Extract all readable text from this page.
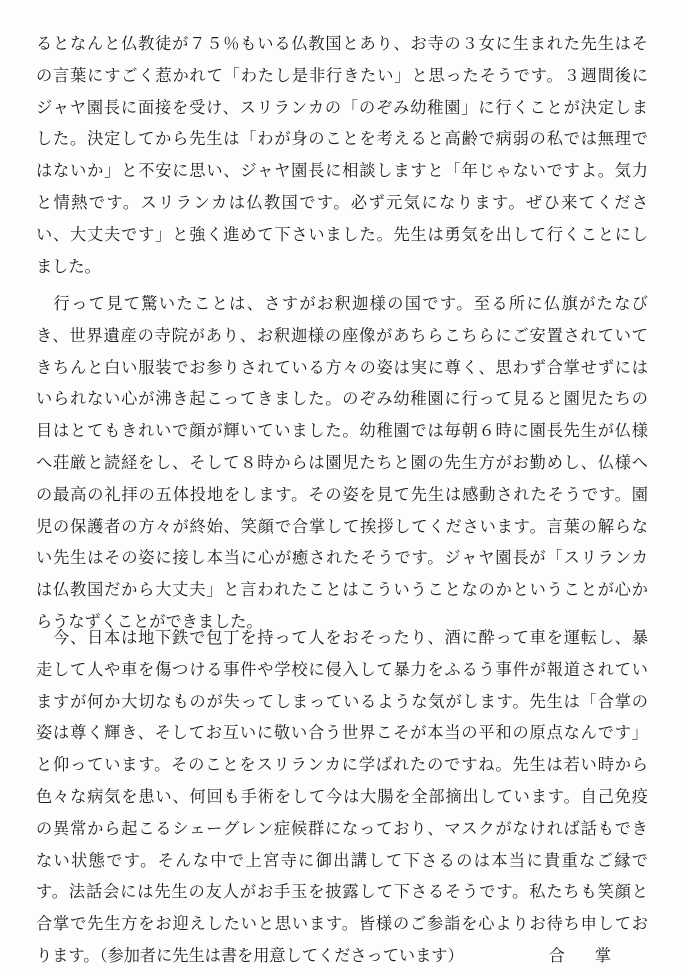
るとなんと仏教徒が７５％もいる仏教国とあり、お寺の３女に生まれた先生はそ
の言葉にすごく惹かれて「わたし是非行きたい」と思ったそうです。３週間後に
ジャヤ園長に面接を受け、スリランカの「のぞみ幼稚園」に行くことが決定しま
した。決定してから先生は「わが身のことを考えると高齢で病弱の私では無理で
はないか」と不安に思い、ジャヤ園長に相談しますと「年じゃないですよ。気力
と情熱です。スリランカは仏教国です。必ず元気になります。ぜひ来てくださ
い、大丈夫です」と強く進めて下さいました。先生は勇気を出して行くことにし
ました。
　行って見て驚いたことは、さすがお釈迦様の国です。至る所に仏旗がたなび
き、世界遺産の寺院があり、お釈迦様の座像があちらこちらにご安置されていて
きちんと白い服装でお参りされている方々の姿は実に尊く、思わず合掌せずには
いられない心が沸き起こってきました。のぞみ幼稚園に行って見ると園児たちの
目はとてもきれいで顔が輝いていました。幼稚園では毎朝６時に園長先生が仏様
へ荘厳と読経をし、そして８時からは園児たちと園の先生方がお勤めし、仏様へ
の最高の礼拝の五体投地をします。その姿を見て先生は感動されたそうです。園
児の保護者の方々が終始、笑顔で合掌して挨拶してくださいます。言葉の解らな
い先生はその姿に接し本当に心が癒されたそうです。ジャヤ園長が「スリランカ
は仏教国だから大丈夫」と言われたことはこういうことなのかということが心か
らうなずくことができました。
　今、日本は地下鉄で包丁を持って人をおそったり、酒に酔って車を運転し、暴
走して人や車を傷つける事件や学校に侵入して暴力をふるう事件が報道されてい
ますが何か大切なものが失ってしまっているような気がします。先生は「合掌の
姿は尊く輝き、そしてお互いに敬い合う世界こそが本当の平和の原点なんです」
と仰っています。そのことをスリランカに学ばれたのですね。先生は若い時から
色々な病気を患い、何回も手術をして今は大腸を全部摘出しています。自己免疫
の異常から起こるシェーグレン症候群になっており、マスクがなければ話もでき
ない状態です。そんな中で上宮寺に御出講して下さるのは本当に貴重なご縁で
す。法話会には先生の友人がお手玉を披露して下さるそうです。私たちも笑顔と
合掌で先生方をお迎えしたいと思います。皆様のご参詣を心よりお待ち申してお
ります。（参加者に先生は書を用意してくださっています）	合掌
